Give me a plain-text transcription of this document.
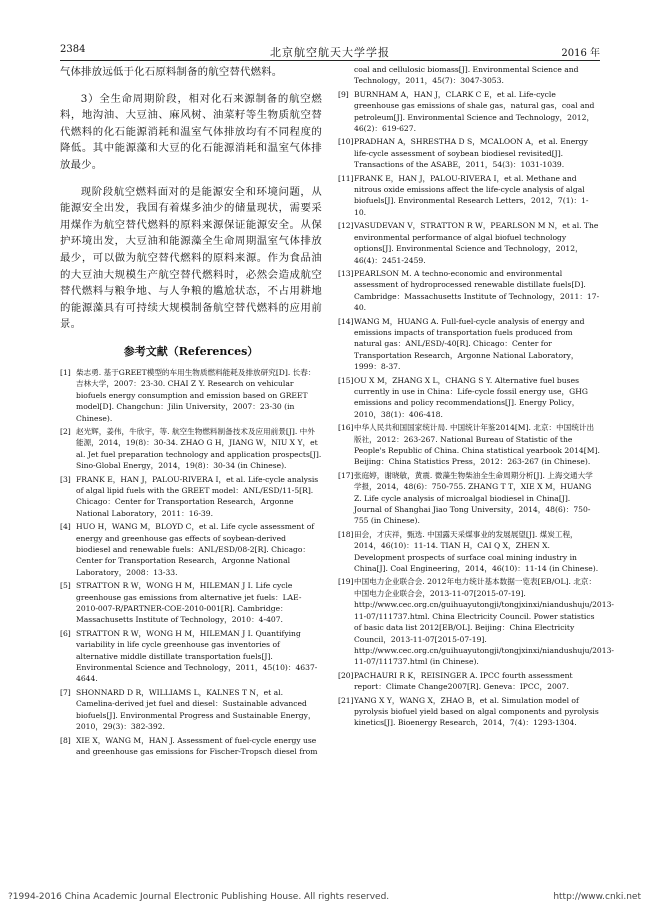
2384	北京航空航天大学学报	2016 年

气体排放远低于化石原料制备的航空替代燃料。

3）全生命周期阶段，相对化石来源制备的航空燃料，地沟油、大豆油、麻风树、油菜籽等生物质航空替代燃料的化石能源消耗和温室气体排放均有不同程度的降低。其中能源藻和大豆的化石能源消耗和温室气体排放最少。

现阶段航空燃料面对的是能源安全和环境问题，从能源安全出发，我国有着煤多油少的储量现状，需要采用煤作为航空替代燃料的原料来源保证能源安全。从保护环境出发，大豆油和能源藻全生命周期温室气体排放最少，可以做为航空替代燃料的原料来源。作为食品油的大豆油大规模生产航空替代燃料时，必然会造成航空替代燃料与粮争地、与人争粮的尴尬状态，不占用耕地的能源藻具有可持续大规模制备航空替代燃料的应用前景。

参考文献（References）
[1] 柴志勇. 基于GREET模型的车用生物质燃料能耗及排放研究[D]. 长春：吉林大学，2007：23-30. CHAI Z Y. Research on vehicular biofuels energy consumption and emission based on GREET model[D]. Changchun：Jilin University，2007：23-30 (in Chinese).
[2] 赵光辉，姜伟，牛欣宇，等. 航空生物燃料制备技术及应用前景[J]. 中外能源，2014，19(8)：30-34. ZHAO G H，JIANG W，NIU X Y，et al. Jet fuel preparation technology and application prospects[J]. Sino-Global Energy，2014，19(8)：30-34 (in Chinese).
[3] FRANK E，HAN J，PALOU-RIVERA I，et al. Life-cycle analysis of algal lipid fuels with the GREET model：ANL/ESD/11-5[R]. Chicago：Center for Transportation Research，Argonne National Laboratory，2011：16-39.
[4] HUO H，WANG M，BLOYD C，et al. Life cycle assessment of energy and greenhouse gas effects of soybean-derived biodiesel and renewable fuels：ANL/ESD/08-2[R]. Chicago：Center for Transportation Research，Argonne National Laboratory，2008：13-33.
[5] STRATTON R W，WONG H M，HILEMAN J I. Life cycle greenhouse gas emissions from alternative jet fuels：LAE-2010-007-R/PARTNER-COE-2010-001[R]. Cambridge：Massachusetts Institute of Technology，2010：4-407.
[6] STRATTON R W，WONG H M，HILEMAN J I. Quantifying variability in life cycle greenhouse gas inventories of alternative middle distillate transportation fuels[J]. Environmental Science and Technology，2011，45(10)：4637-4644.
[7] SHONNARD D R，WILLIAMS L，KALNES T N，et al. Camelina-derived jet fuel and diesel：Sustainable advanced biofuels[J]. Environmental Progress and Sustainable Energy，2010，29(3)：382-392.
[8] XIE X，WANG M，HAN J. Assessment of fuel-cycle energy use and greenhouse gas emissions for Fischer-Tropsch diesel from
coal and cellulosic biomass[J]. Environmental Science and Technology，2011，45(7)：3047-3053.
[9] BURNHAM A，HAN J，CLARK C E，et al. Life-cycle greenhouse gas emissions of shale gas，natural gas，coal and petroleum[J]. Environmental Science and Technology，2012，46(2)：619-627.
[10] PRADHAN A，SHRESTHA D S，MCALOON A，et al. Energy life-cycle assessment of soybean biodiesel revisited[J]. Transactions of the ASABE，2011，54(3)：1031-1039.
[11] FRANK E，HAN J，PALOU-RIVERA I，et al. Methane and nitrous oxide emissions affect the life-cycle analysis of algal biofuels[J]. Environmental Research Letters，2012，7(1)：1-10.
[12] VASUDEVAN V，STRATTON R W，PEARLSON M N，et al. The environmental performance of algal biofuel technology options[J]. Environmental Science and Technology，2012，46(4)：2451-2459.
[13] PEARLSON M. A techno-economic and environmental assessment of hydroprocessed renewable distillate fuels[D]. Cambridge：Massachusetts Institute of Technology，2011：17-40.
[14] WANG M，HUANG A. Full-fuel-cycle analysis of energy and emissions impacts of transportation fuels produced from natural gas：ANL/ESD/-40[R]. Chicago：Center for Transportation Research，Argonne National Laboratory，1999：8-37.
[15] OU X M，ZHANG X L，CHANG S Y. Alternative fuel buses currently in use in China：Life-cycle fossil energy use，GHG emissions and policy recommendations[J]. Energy Policy，2010，38(1)：406-418.
[16] 中华人民共和国国家统计局. 中国统计年鉴2014[M]. 北京：中国统计出版社，2012：263-267. National Bureau of Statistic of the People's Republic of China. China statistical yearbook 2014[M]. Beijing：China Statistics Press，2012：263-267 (in Chinese).
[17] 张庭婷，谢晓敏，黄震. 微藻生物柴油全生命周期分析[J]. 上海交通大学学报，2014，48(6)：750-755. ZHANG T T，XIE X M，HUANG Z. Life cycle analysis of microalgal biodiesel in China[J]. Journal of Shanghai Jiao Tong University，2014，48(6)：750-755 (in Chinese).
[18] 田会，才庆祥，甄选. 中国露天采煤事业的发展展望[J]. 煤炭工程，2014，46(10)：11-14. TIAN H，CAI Q X，ZHEN X. Development prospects of surface coal mining industry in China[J]. Coal Engineering，2014，46(10)：11-14 (in Chinese).
[19] 中国电力企业联合会. 2012年电力统计基本数据一览表[EB/OL]. 北京：中国电力企业联合会，2013-11-07[2015-07-19]. http://www.cec.org.cn/guihuayutongji/tongjxinxi/niandushuju/2013-11-07/111737.html. China Electricity Council. Power statistics of basic data list 2012[EB/OL]. Beijing：China Electricity Council，2013-11-07[2015-07-19]. http://www.cec.org.cn/guihuayutongji/tongjxinxi/niandushuju/2013-11-07/111737.html (in Chinese).
[20] PACHAURI R K，REISINGER A. IPCC fourth assessment report：Climate Change2007[R]. Geneva：IPCC，2007.
[21] YANG X Y，WANG X，ZHAO B，et al. Simulation model of pyrolysis biofuel yield based on algal components and pyrolysis kinetics[J]. Bioenergy Research，2014，7(4)：1293-1304.
?1994-2016 China Academic Journal Electronic Publishing House. All rights reserved.	http://www.cnki.net
